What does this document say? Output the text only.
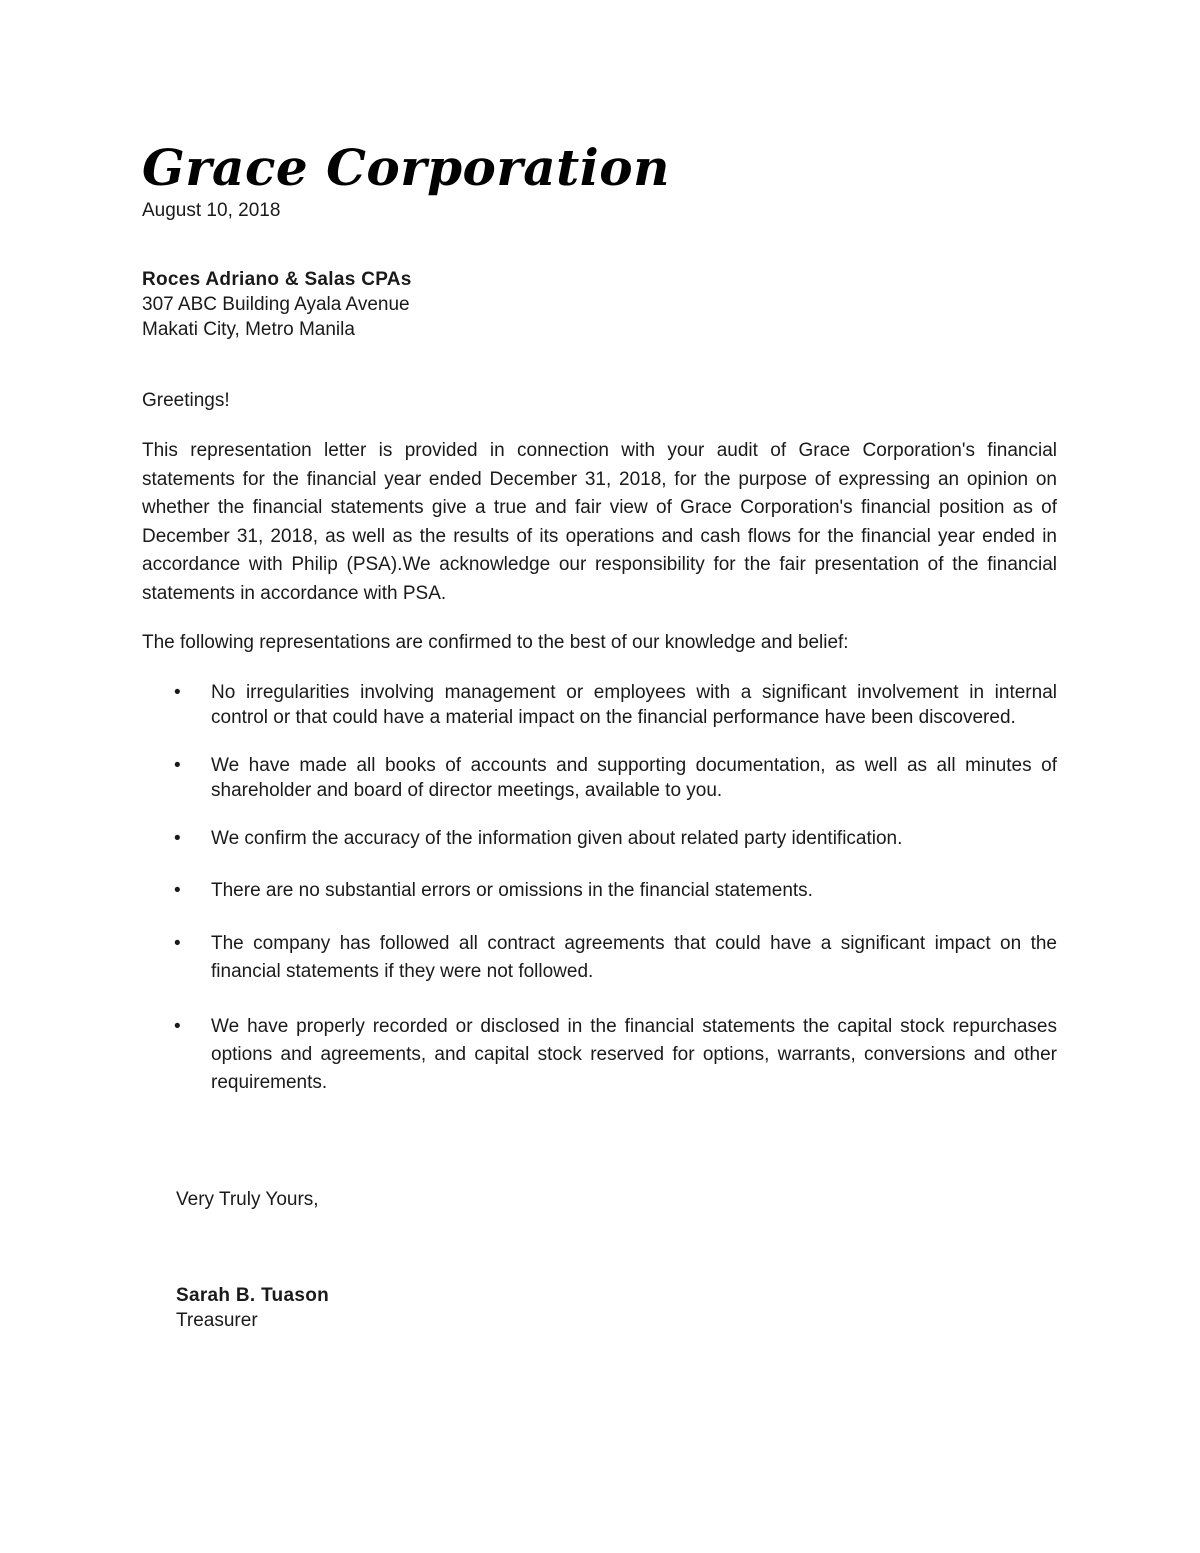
Grace Corporation
August 10, 2018
Roces Adriano & Salas CPAs
307 ABC Building Ayala Avenue
Makati City, Metro Manila
Greetings!

This representation letter is provided in connection with your audit of Grace Corporation's financial statements for the financial year ended December 31, 2018, for the purpose of expressing an opinion on whether the financial statements give a true and fair view of Grace Corporation's financial position as of December 31, 2018, as well as the results of its operations and cash flows for the financial year ended in accordance with Philip (PSA).We acknowledge our responsibility for the fair presentation of the financial statements in accordance with PSA.

The following representations are confirmed to the best of our knowledge and belief:
• No irregularities involving management or employees with a significant involvement in internal control or that could have a material impact on the financial performance have been discovered.
• We have made all books of accounts and supporting documentation, as well as all minutes of shareholder and board of director meetings, available to you.
• We confirm the accuracy of the information given about related party identification.
• There are no substantial errors or omissions in the financial statements.
• The company has followed all contract agreements that could have a significant impact on the financial statements if they were not followed.
• We have properly recorded or disclosed in the financial statements the capital stock repurchases options and agreements, and capital stock reserved for options, warrants, conversions and other requirements.
Very Truly Yours,
Sarah B. Tuason
Treasurer
